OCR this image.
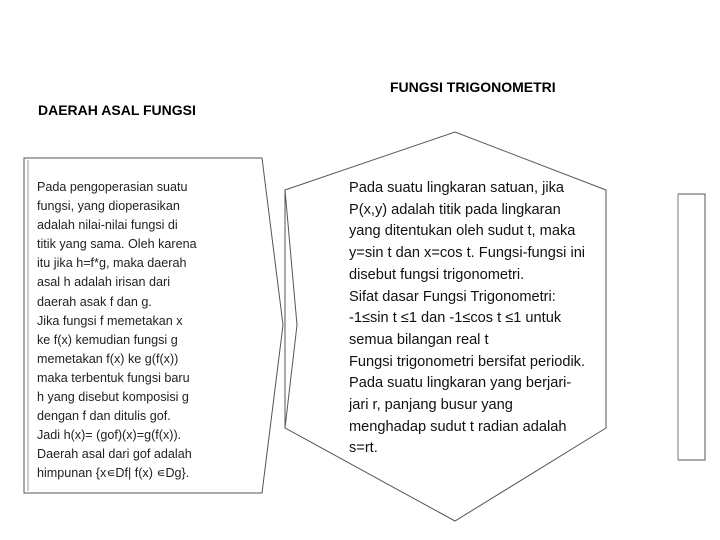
FUNGSI TRIGONOMETRI
DAERAH ASAL FUNGSI
Pada pengoperasian suatu
fungsi, yang dioperasikan
adalah nilai-nilai fungsi di
titik yang sama. Oleh karena
itu jika h=f*g, maka daerah
asal h adalah irisan dari
daerah asak f dan g.
Jika fungsi f memetakan x
ke f(x) kemudian fungsi g
memetakan f(x) ke g(f(x))
maka terbentuk fungsi baru
h yang disebut komposisi g
dengan f dan ditulis gof.
Jadi h(x)= (gof)(x)=g(f(x)).
Daerah asal dari gof adalah
himpunan {x∊Df| f(x) ∊Dg}.
Pada suatu lingkaran satuan, jika
P(x,y) adalah titik pada lingkaran
yang ditentukan oleh sudut t, maka
y=sin t dan x=cos t. Fungsi-fungsi ini
disebut fungsi trigonometri.
Sifat dasar Fungsi Trigonometri:
-1≤sin t ≤1 dan -1≤cos t ≤1 untuk
semua bilangan real t
Fungsi trigonometri bersifat periodik.
Pada suatu lingkaran yang berjari-
jari r, panjang busur yang
menghadap sudut t radian adalah
s=rt.
